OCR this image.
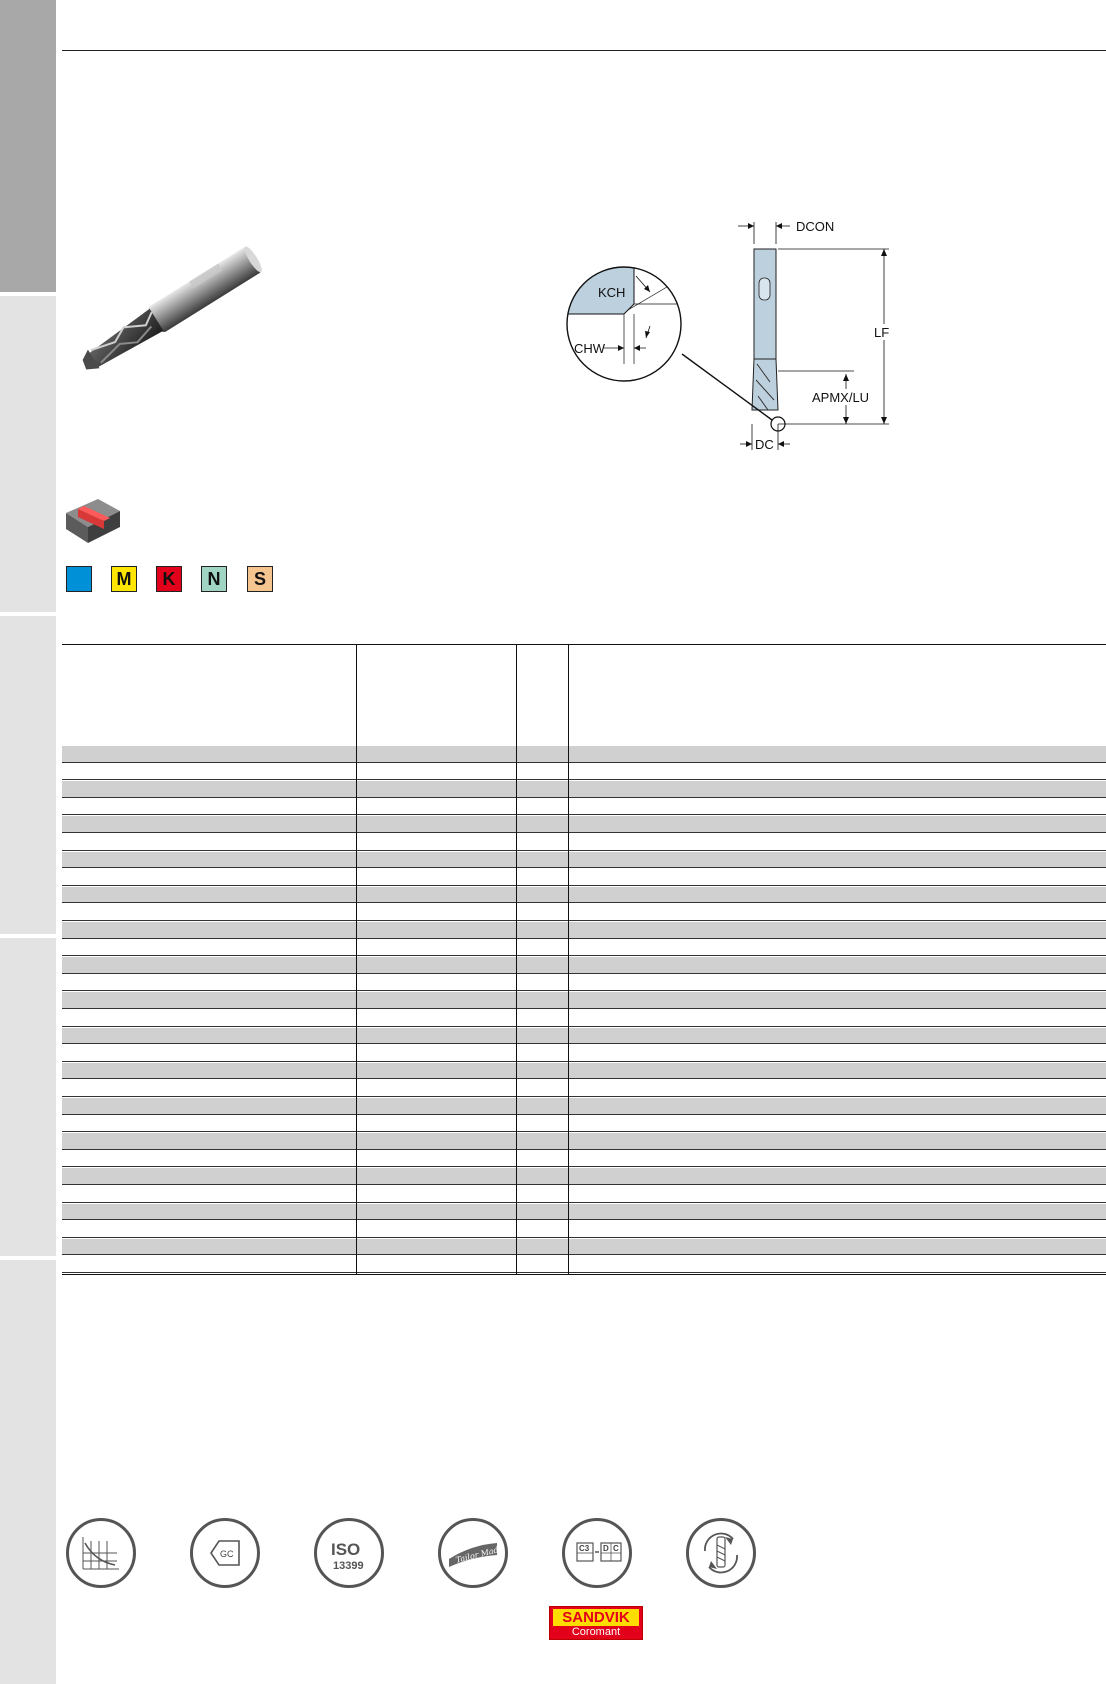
DCON
LF
APMX/LU
DC
KCH
CHW
M	K	N	S
GC	ISO
13399
Tailor Made	C3 D C
SANDVIK
Coromant
